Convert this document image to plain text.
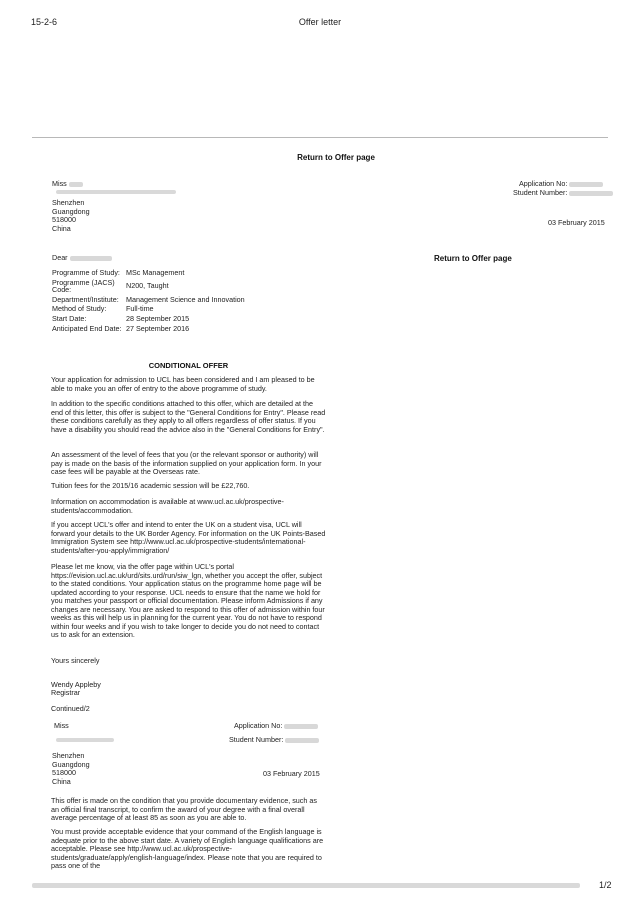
15-2-6	Offer letter
Return to Offer page
Return to Offer page
Miss
Shenzhen
Guangdong
518000
China
Application No:
Student Number:
03 February 2015
Dear
Programme of Study:	MSc Management
Programme (JACS) Code:	N200, Taught
Department/Institute:	Management Science and Innovation
Method of Study:	Full-time
Start Date:	28 September 2015
Anticipated End Date:	27 September 2016
CONDITIONAL OFFER
Your application for admission to UCL has been considered and I am pleased to be able to make you an offer of entry to the above programme of study.
In addition to the specific conditions attached to this offer, which are detailed at the end of this letter, this offer is subject to the "General Conditions for Entry". Please read these conditions carefully as they apply to all offers regardless of offer status. If you have a disability you should read the advice also in the "General Conditions for Entry".
An assessment of the level of fees that you (or the relevant sponsor or authority) will pay is made on the basis of the information supplied on your application form. In your case fees will be payable at the Overseas rate.
Tuition fees for the 2015/16 academic session will be £22,760.
Information on accommodation is available at www.ucl.ac.uk/prospective-students/accommodation.
If you accept UCL's offer and intend to enter the UK on a student visa, UCL will forward your details to the UK Border Agency. For information on the UK Points-Based Immigration System see http://www.ucl.ac.uk/prospective-students/international-students/after-you-apply/immigration/
Please let me know, via the offer page within UCL's portal https://evision.ucl.ac.uk/urd/sits.urd/run/siw_lgn, whether you accept the offer, subject to the stated conditions. Your application status on the programme home page will be updated according to your response. UCL needs to ensure that the name we hold for you matches your passport or official documentation. Please inform Admissions if any changes are necessary. You are asked to respond to this offer of admission within four weeks as this will help us in planning for the current year. You do not have to respond within four weeks and if you wish to take longer to decide you do not need to contact us to ask for an extension.
Yours sincerely
Wendy Appleby
Registrar
Continued/2
Miss	Application No:
Student Number:
Shenzhen
Guangdong
518000
China
03 February 2015
This offer is made on the condition that you provide documentary evidence, such as an official final transcript, to confirm the award of your degree with a final overall average percentage of at least 85 as soon as you are able to.
You must provide acceptable evidence that your command of the English language is adequate prior to the above start date. A variety of English language qualifications are acceptable. Please see http://www.ucl.ac.uk/prospective-students/graduate/apply/english-language/index. Please note that you are required to pass one of the
1/2
